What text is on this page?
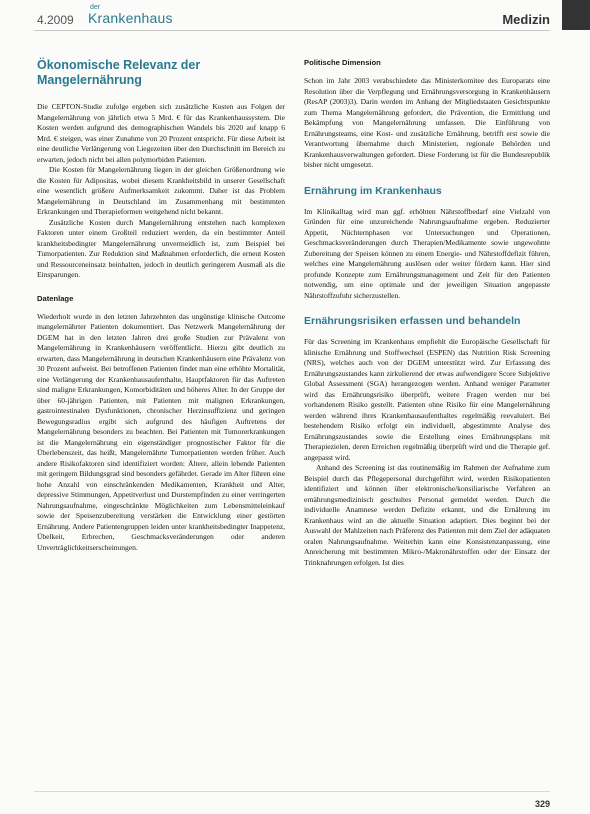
4.2009
der
Krankenhaus	Medizin
Ökonomische Relevanz der Mangelernährung

Die CEPTON-Studie zufolge ergeben sich zusätzliche Kosten aus Folgen der Mangelernährung von jährlich etwa 5 Mrd. € für das Krankenhaussystem. Die Kosten werden aufgrund des demographischen Wandels bis 2020 auf knapp 6 Mrd. € steigen, was einer Zunahme von 20 Prozent entspricht. Für diese Arbeit ist eine deutliche Verlängerung von Liegezeiten über den Durchschnitt im Bereich zu erwarten, jedoch nicht bei allen polymorbiden Patienten.

Die Kosten für Mangelernährung liegen in der gleichen Größenordnung wie die Kosten für Adipositas, wobei diesem Krankheitsbild in unserer Gesellschaft eine wesentlich größere Aufmerksamkeit zukommt. Daher ist das Problem Mangelernährung in Deutschland im Zusammenhang mit bestimmten Erkrankungen und Therapieformen weitgehend nicht bekannt.

Zusätzliche Kosten durch Mangelernährung entstehen nach komplexen Faktoren unter einem Großteil reduziert werden, da ein bestimmter Anteil krankheitsbedingter Mangelernährung unvermeidlich ist, zum Beispiel bei Tumorpatienten. Zur Reduktion sind Maßnahmen erforderlich, die erneut Kosten und Ressourceneinsatz beinhalten, jedoch in deutlich geringerem Ausmaß als die Einsparungen.

Datenlage

Wiederholt wurde in den letzten Jahrzehnten das ungünstige klinische Outcome mangelernährter Patienten dokumentiert. Das Netzwerk Mangelernährung der DGEM hat in den letzten Jahren drei große Studien zur Prävalenz von Mangelernährung in Krankenhäusern veröffentlicht. Hierzu gibt deutlich zu erwarten, dass Mangelernährung in deutschen Krankenhäusern eine Prävalenz von 30 Prozent aufweist. Bei betroffenen Patienten findet man eine erhöhte Mortalität, eine Verlängerung der Krankenhausaufenthalte, Hauptfaktoren für das Auftreten sind maligne Erkrankungen, Komorbiditäten und höheres Alter. In der Gruppe der über 60-jährigen Patienten, mit Patienten mit malignen Erkrankungen, gastrointestinalen Dysfunktionen, chronischer Herzinsuffizienz und geringen Bewegungsradius ergibt sich aufgrund des häufigen Auftretens der Mangelernährung besonders zu beachten. Bei Patienten mit Tumorerkrankungen ist die Mangelernährung ein eigenständiger prognostischer Faktor für die Überlebenszeit, das heißt, Mangelernährte Tumorpatienten werden früher. Auch andere Risikofaktoren sind identifiziert worden: Ältere, allein lebende Patienten mit geringem Bildungsgrad sind besonders gefährdet. Gerade im Alter führen eine hohe Anzahl von einschränkenden Medikamenten, Krankheit und Alter, depressive Stimmungen, Appetitverlust und Durstempfinden zu einer verringerten Nahrungsaufnahme, eingeschränkte Möglichkeiten zum Lebensmitteleinkauf sowie der Speisenzubereitung verstärken die Entwicklung einer gestörten Ernährung. Andere Patientengruppen leiden unter krankheitsbedingter Inappetenz, Übelkeit, Erbrechen, Geschmacksveränderungen oder anderen Unverträglichkeitserscheinungen.

Politische Dimension

Schon im Jahr 2003 verabschiedete das Ministerkomitee des Europarats eine Resolution über die Verpflegung und Ernährungsversorgung in Krankenhäusern (ResAP (2003)3). Darin werden im Anhang der Mitgliedstaaten Gesichtspunkte zum Thema Mangelernährung gefordert, die Prävention, die Ermittlung und Bekämpfung von Mangelernährung umfassen. Die Einführung von Ernährungsteams, eine Kost- und zusätzliche Ernährung, betrifft erst sowie die Verantwortung übernahme durch Ministerien, regionale Behörden und Krankenhausverwaltungen gefordert. Diese Forderung ist für die Bundesrepublik bisher nicht umgesetzt.

Ernährung im Krankenhaus

Im Klinikalltag wird man ggf. erhöhten Nährstoffbedarf eine Vielzahl von Gründen für eine unzureichende Nahrungsaufnahme ergeben. Reduzierter Appetit, Nüchternphasen vor Untersuchungen und Operationen, Geschmacksveränderungen durch Therapien/Medikamente sowie ungewohnte Zubereitung der Speisen können zu einem Energie- und Nährstoffdefizit führen, welches eine Mangelernährung auslösen oder weiter fördern kann. Hier sind profunde Konzepte zum Ernährungsmanagement und Zeit für den Patienten notwendig, um eine optimale und der jeweiligen Situation angepasste Nährstoffzufuhr sicherzustellen.

Ernährungsrisiken erfassen und behandeln

Für das Screening im Krankenhaus empfiehlt die Europäische Gesellschaft für klinische Ernährung und Stoffwechsel (ESPEN) das Nutrition Risk Screening (NRS), welches auch von der DGEM unterstützt wird. Zur Erfassung des Ernährungszustandes kann zirkulierend der etwas aufwendigere Score Subjektive Global Assessment (SGA) herangezogen werden. Anhand weniger Parameter wird das Ernährungsrisiko überprüft, weitere Fragen werden nur bei vorhandenem Risiko gestellt. Patienten ohne Risiko für eine Mangelernährung werden während ihres Krankenhausaufenthaltes regelmäßig reevaluiert. Bei bestehendem Risiko erfolgt ein individuell, abgestimmte Analyse des Ernährungszustandes sowie die Erstellung eines Ernährungsplans mit Therapiezielen, deren Erreichen regelmäßig überprüft wird und die Therapie gef. angepasst wird.

Anhand des Screening ist das routinemäßig im Rahmen der Aufnahme zum Beispiel durch das Pflegepersonal durchgeführt wird, werden Risikopatienten identifiziert und können über elektronische/konsiliarische Verfahren an ernährungsmedizinisch geschultes Personal gemeldet werden. Durch die individuelle Anamnese werden Defizite erkannt, und die Ernährung im Krankenhaus wird an die aktuelle Situation adaptiert. Dies beginnt bei der Auswahl der Mahlzeiten nach Präferenz des Patienten mit dem Ziel der adäquaten oralen Nahrungsaufnahme. Weiterhin kann eine Konsistenzanpassung, eine Anreicherung mit bestimmten Mikro-/Makronährstoffen oder der Einsatz der Trinknahrungen erfolgen. Ist dies

329
